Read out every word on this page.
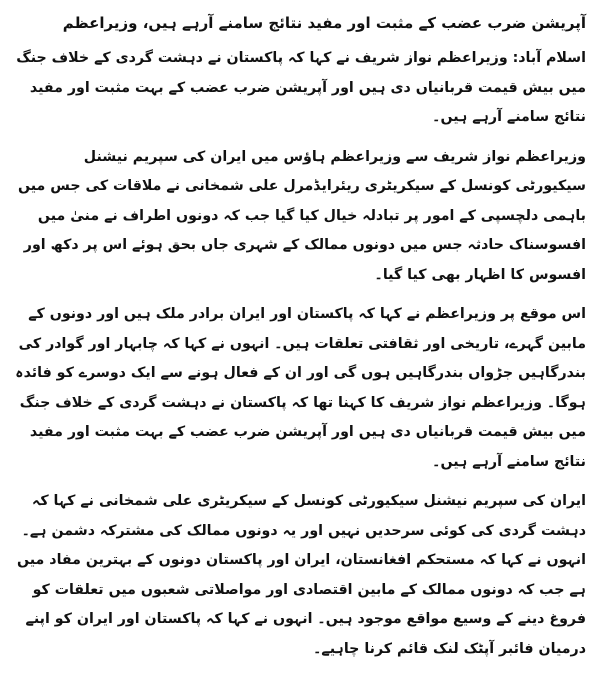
آپریشن ضرب عضب کے مثبت اور مفید نتائج سامنے آرہے ہیں، وزیراعظم
اسلام آباد: وزیراعظم نواز شریف نے کہا کہ پاکستان نے دہشت گردی کے خلاف جنگ میں بیش قیمت قربانیاں دی ہیں اور آپریشن ضرب عضب کے بہت مثبت اور مفید نتائج سامنے آرہے ہیں۔
وزیراعظم نواز شریف سے وزیراعظم ہاؤس میں ایران کی سپریم نیشنل سیکیورٹی کونسل کے سیکریٹری ریئرایڈمرل علی شمخانی نے ملاقات کی جس میں باہمی دلچسپی کے امور پر تبادلہ خیال کیا گیا جب کہ دونوں اطراف نے منیٰ میں افسوسناک حادثہ جس میں دونوں ممالک کے شہری جاں بحق ہوئے اس پر دکھ اور افسوس کا اظہار بھی کیا گیا۔
اس موقع پر وزیراعظم نے کہا کہ پاکستان اور ایران برادر ملک ہیں اور دونوں کے مابین گہرے، تاریخی اور ثقافتی تعلقات ہیں۔ انہوں نے کہا کہ چابہار اور گوادر کی بندرگاہیں جڑواں بندرگاہیں ہوں گی اور ان کے فعال ہونے سے ایک دوسرے کو فائدہ ہوگا۔ وزیراعظم نواز شریف کا کہنا تھا کہ پاکستان نے دہشت گردی کے خلاف جنگ میں بیش قیمت قربانیاں دی ہیں اور آپریشن ضرب عضب کے بہت مثبت اور مفید نتائج سامنے آرہے ہیں۔
ایران کی سپریم نیشنل سیکیورٹی کونسل کے سیکریٹری علی شمخانی نے کہا کہ دہشت گردی کی کوئی سرحدیں نہیں اور یہ دونوں ممالک کی مشترکہ دشمن ہے۔ انہوں نے کہا کہ مستحکم افغانستان، ایران اور پاکستان دونوں کے بہترین مفاد میں ہے جب کہ دونوں ممالک کے مابین اقتصادی اور مواصلاتی شعبوں میں تعلقات کو فروغ دینے کے وسیع مواقع موجود ہیں۔ انہوں نے کہا کہ پاکستان اور ایران کو اپنے درمیان فائبر آپٹک لنک قائم کرنا چاہیے۔
